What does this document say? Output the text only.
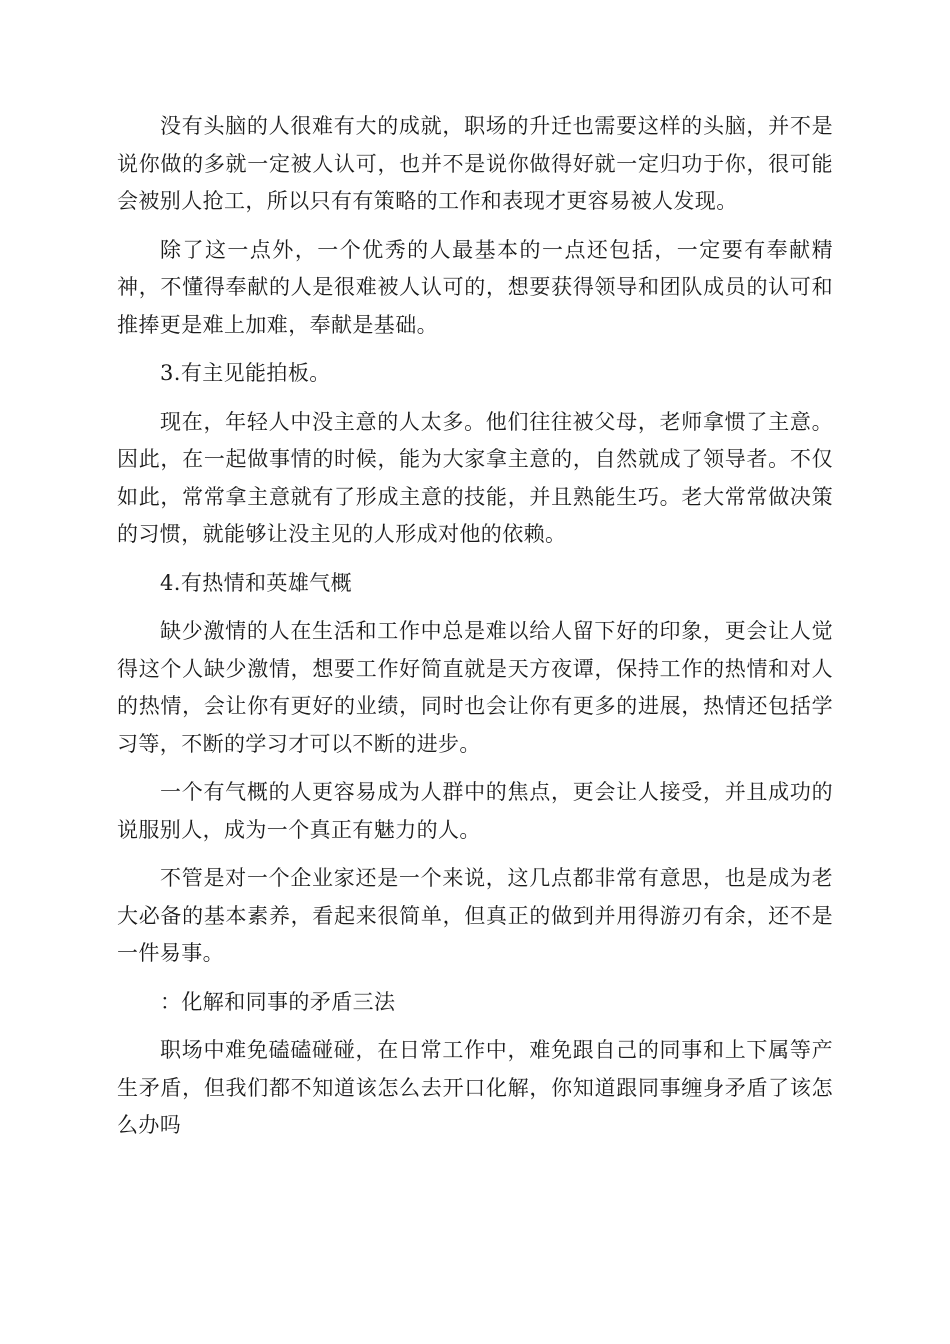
没有头脑的人很难有大的成就，职场的升迁也需要这样的头脑，并不是说你做的多就一定被人认可，也并不是说你做得好就一定归功于你，很可能会被别人抢工，所以只有有策略的工作和表现才更容易被人发现。

除了这一点外，一个优秀的人最基本的一点还包括，一定要有奉献精神，不懂得奉献的人是很难被人认可的，想要获得领导和团队成员的认可和推捧更是难上加难，奉献是基础。

3.有主见能拍板。

现在，年轻人中没主意的人太多。他们往往被父母，老师拿惯了主意。因此，在一起做事情的时候，能为大家拿主意的，自然就成了领导者。不仅如此，常常拿主意就有了形成主意的技能，并且熟能生巧。老大常常做决策的习惯，就能够让没主见的人形成对他的依赖。

4.有热情和英雄气概

缺少激情的人在生活和工作中总是难以给人留下好的印象，更会让人觉得这个人缺少激情，想要工作好简直就是天方夜谭，保持工作的热情和对人的热情，会让你有更好的业绩，同时也会让你有更多的进展，热情还包括学习等，不断的学习才可以不断的进步。

一个有气概的人更容易成为人群中的焦点，更会让人接受，并且成功的说服别人，成为一个真正有魅力的人。

不管是对一个企业家还是一个来说，这几点都非常有意思，也是成为老大必备的基本素养，看起来很简单，但真正的做到并用得游刃有余，还不是一件易事。

：化解和同事的矛盾三法

职场中难免磕磕碰碰，在日常工作中，难免跟自己的同事和上下属等产生矛盾，但我们都不知道该怎么去开口化解，你知道跟同事缠身矛盾了该怎么办吗
